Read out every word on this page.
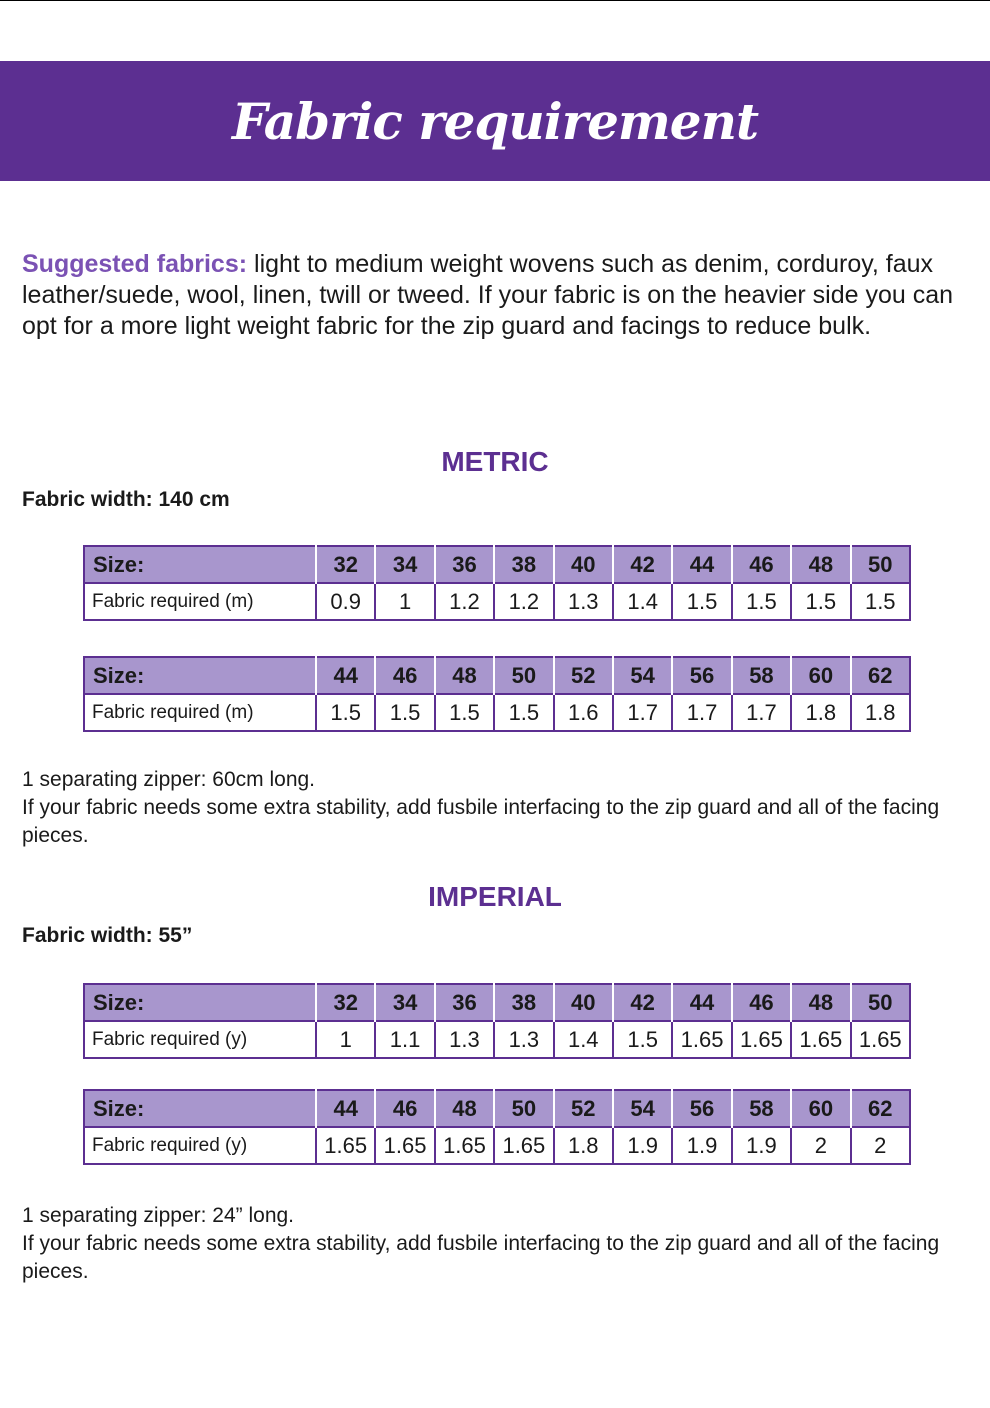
Fabric requirement

Suggested fabrics: light to medium weight wovens such as denim, corduroy, faux leather/suede, wool, linen, twill or tweed. If your fabric is on the heavier side you can opt for a more light weight fabric for the zip guard and facings to reduce bulk.

METRIC

Fabric width: 140 cm

Size:	32	34	36	38	40	42	44	46	48	50
Fabric required (m)	0.9	1	1.2	1.2	1.3	1.4	1.5	1.5	1.5	1.5
Size:	44	46	48	50	52	54	56	58	60	62
Fabric required (m)	1.5	1.5	1.5	1.5	1.6	1.7	1.7	1.7	1.8	1.8

1 separating zipper: 60cm long.

If your fabric needs some extra stability, add fusbile interfacing to the zip guard and all of the facing pieces.

IMPERIAL

Fabric width: 55”

Size:	32	34	36	38	40	42	44	46	48	50
Fabric required (y)	1	1.1	1.3	1.3	1.4	1.5	1.65	1.65	1.65	1.65
Size:	44	46	48	50	52	54	56	58	60	62
Fabric required (y)	1.65	1.65	1.65	1.65	1.8	1.9	1.9	1.9	2	2

1 separating zipper: 24” long.

If your fabric needs some extra stability, add fusbile interfacing to the zip guard and all of the facing pieces.
